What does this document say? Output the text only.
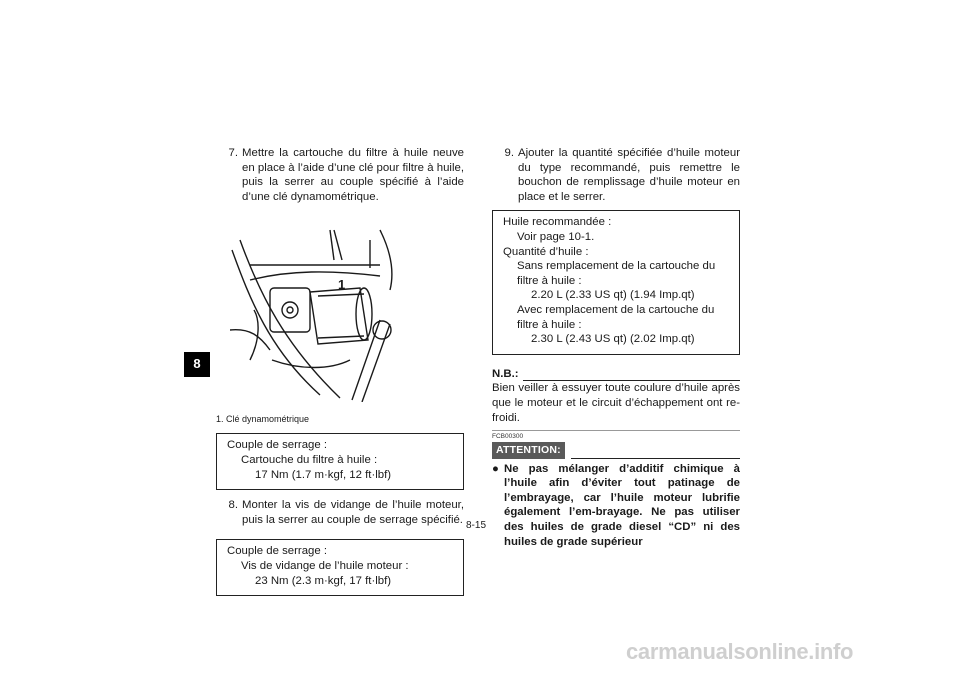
8
7. Mettre la cartouche du filtre à huile neuve en place à l’aide d’une clé pour filtre à huile, puis la serrer au couple spécifié à l’aide d’une clé dynamométrique.
1
1. Clé dynamométrique
Couple de serrage :
Cartouche du filtre à huile :
17 Nm (1.7 m·kgf, 12 ft·lbf)
8. Monter la vis de vidange de l’huile moteur, puis la serrer au couple de serrage spécifié.
Couple de serrage :
Vis de vidange de l’huile moteur :
23 Nm (2.3 m·kgf, 17 ft·lbf)
9. Ajouter la quantité spécifiée d’huile moteur du type recommandé, puis remettre le bouchon de remplissage d’huile moteur en place et le serrer.
Huile recommandée :
Voir page 10-1.
Quantité d’huile :
Sans remplacement de la cartouche du filtre à huile :
2.20 L (2.33 US qt) (1.94 Imp.qt)
Avec remplacement de la cartouche du filtre à huile :
2.30 L (2.43 US qt) (2.02 Imp.qt)
N.B.:
Bien veiller à essuyer toute coulure d’huile après que le moteur et le circuit d’échappement ont re-froidi.
FCB00300
ATTENTION:
● Ne pas mélanger d’additif chimique à l’huile afin d’éviter tout patinage de l’embrayage, car l’huile moteur lubrifie également l’em-brayage. Ne pas utiliser des huiles de grade diesel “CD” ni des huiles de grade supérieur
8-15
carmanualsonline.info
